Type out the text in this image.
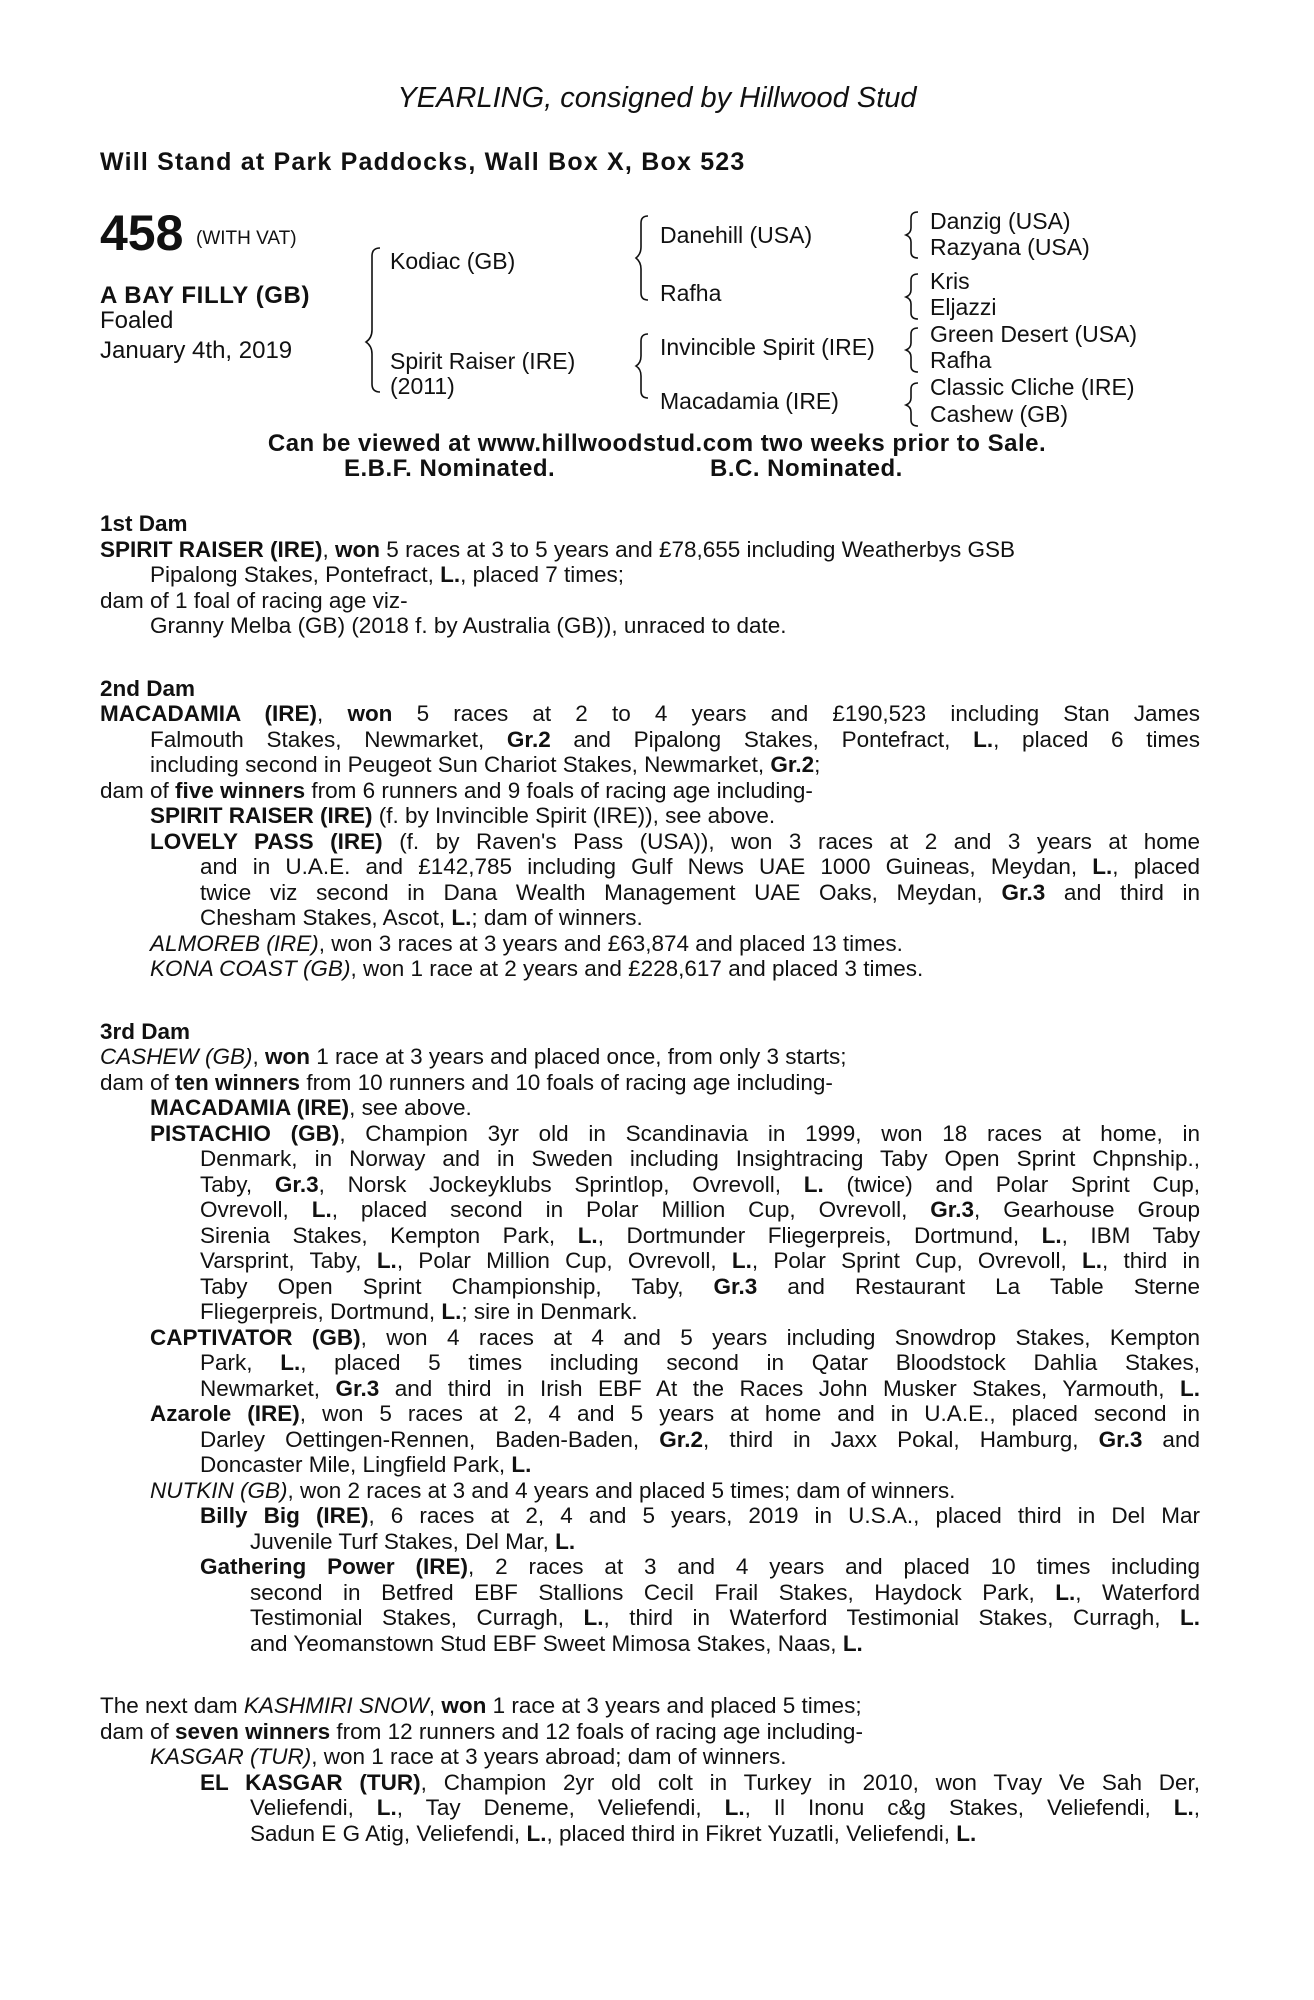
YEARLING, consigned by Hillwood Stud
Will Stand at Park Paddocks, Wall Box X, Box 523
458 (WITH VAT)
A BAY FILLY (GB)
Foaled
January 4th, 2019
Kodiac (GB)
Spirit Raiser (IRE)
(2011)
Danehill (USA)
Rafha
Invincible Spirit (IRE)
Macadamia (IRE)
Danzig (USA)
Razyana (USA)
Kris
Eljazzi
Green Desert (USA)
Rafha
Classic Cliche (IRE)
Cashew (GB)
Can be viewed at www.hillwoodstud.com two weeks prior to Sale.
E.B.F. Nominated.	B.C. Nominated.
1st Dam
SPIRIT RAISER (IRE), won 5 races at 3 to 5 years and £78,655 including Weatherbys GSB
Pipalong Stakes, Pontefract, L., placed 7 times;
dam of 1 foal of racing age viz-
Granny Melba (GB) (2018 f. by Australia (GB)), unraced to date.
2nd Dam
MACADAMIA (IRE), won 5 races at 2 to 4 years and £190,523 including Stan James
Falmouth Stakes, Newmarket, Gr.2 and Pipalong Stakes, Pontefract, L., placed 6 times
including second in Peugeot Sun Chariot Stakes, Newmarket, Gr.2;
dam of five winners from 6 runners and 9 foals of racing age including-
SPIRIT RAISER (IRE) (f. by Invincible Spirit (IRE)), see above.
LOVELY PASS (IRE) (f. by Raven's Pass (USA)), won 3 races at 2 and 3 years at home
and in U.A.E. and £142,785 including Gulf News UAE 1000 Guineas, Meydan, L., placed
twice viz second in Dana Wealth Management UAE Oaks, Meydan, Gr.3 and third in
Chesham Stakes, Ascot, L.; dam of winners.
ALMOREB (IRE), won 3 races at 3 years and £63,874 and placed 13 times.
KONA COAST (GB), won 1 race at 2 years and £228,617 and placed 3 times.
3rd Dam
CASHEW (GB), won 1 race at 3 years and placed once, from only 3 starts;
dam of ten winners from 10 runners and 10 foals of racing age including-
MACADAMIA (IRE), see above.
PISTACHIO (GB), Champion 3yr old in Scandinavia in 1999, won 18 races at home, in
Denmark, in Norway and in Sweden including Insightracing Taby Open Sprint Chpnship.,
Taby, Gr.3, Norsk Jockeyklubs Sprintlop, Ovrevoll, L. (twice) and Polar Sprint Cup,
Ovrevoll, L., placed second in Polar Million Cup, Ovrevoll, Gr.3, Gearhouse Group
Sirenia Stakes, Kempton Park, L., Dortmunder Fliegerpreis, Dortmund, L., IBM Taby
Varsprint, Taby, L., Polar Million Cup, Ovrevoll, L., Polar Sprint Cup, Ovrevoll, L., third in
Taby Open Sprint Championship, Taby, Gr.3 and Restaurant La Table Sterne
Fliegerpreis, Dortmund, L.; sire in Denmark.
CAPTIVATOR (GB), won 4 races at 4 and 5 years including Snowdrop Stakes, Kempton
Park, L., placed 5 times including second in Qatar Bloodstock Dahlia Stakes,
Newmarket, Gr.3 and third in Irish EBF At the Races John Musker Stakes, Yarmouth, L.
Azarole (IRE), won 5 races at 2, 4 and 5 years at home and in U.A.E., placed second in
Darley Oettingen-Rennen, Baden-Baden, Gr.2, third in Jaxx Pokal, Hamburg, Gr.3 and
Doncaster Mile, Lingfield Park, L.
NUTKIN (GB), won 2 races at 3 and 4 years and placed 5 times; dam of winners.
Billy Big (IRE), 6 races at 2, 4 and 5 years, 2019 in U.S.A., placed third in Del Mar
Juvenile Turf Stakes, Del Mar, L.
Gathering Power (IRE), 2 races at 3 and 4 years and placed 10 times including
second in Betfred EBF Stallions Cecil Frail Stakes, Haydock Park, L., Waterford
Testimonial Stakes, Curragh, L., third in Waterford Testimonial Stakes, Curragh, L.
and Yeomanstown Stud EBF Sweet Mimosa Stakes, Naas, L.
The next dam KASHMIRI SNOW, won 1 race at 3 years and placed 5 times;
dam of seven winners from 12 runners and 12 foals of racing age including-
KASGAR (TUR), won 1 race at 3 years abroad; dam of winners.
EL KASGAR (TUR), Champion 2yr old colt in Turkey in 2010, won Tvay Ve Sah Der,
Veliefendi, L., Tay Deneme, Veliefendi, L., Il Inonu c&g Stakes, Veliefendi, L.,
Sadun E G Atig, Veliefendi, L., placed third in Fikret Yuzatli, Veliefendi, L.
